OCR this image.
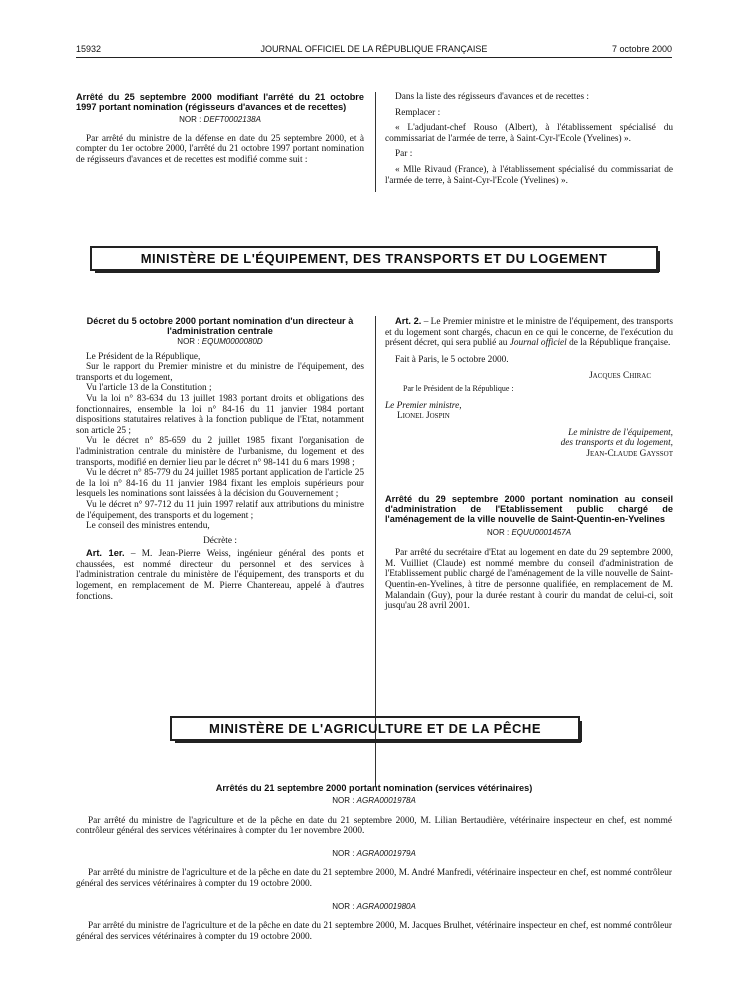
15932	JOURNAL OFFICIEL DE LA RÉPUBLIQUE FRANÇAISE	7 octobre 2000
Arrêté du 25 septembre 2000 modifiant l'arrêté du 21 octobre 1997 portant nomination (régisseurs d'avances et de recettes)
NOR : DEFT0002138A

Par arrêté du ministre de la défense en date du 25 septembre 2000, et à compter du 1er octobre 2000, l'arrêté du 21 octobre 1997 portant nomination de régisseurs d'avances et de recettes est modifié comme suit :

Dans la liste des régisseurs d'avances et de recettes :

Remplacer :

« L'adjudant-chef Rouso (Albert), à l'établissement spécialisé du commissariat de l'armée de terre, à Saint-Cyr-l'Ecole (Yvelines) ».

Par :

« Mlle Rivaud (France), à l'établissement spécialisé du commissariat de l'armée de terre, à Saint-Cyr-l'Ecole (Yvelines) ».

MINISTÈRE DE L'ÉQUIPEMENT, DES TRANSPORTS ET DU LOGEMENT
Décret du 5 octobre 2000 portant nomination d'un directeur à l'administration centrale
NOR : EQUM0000080D

Le Président de la République,

Sur le rapport du Premier ministre et du ministre de l'équipement, des transports et du logement,

Vu l'article 13 de la Constitution ;

Vu la loi n° 83-634 du 13 juillet 1983 portant droits et obligations des fonctionnaires, ensemble la loi n° 84-16 du 11 janvier 1984 portant dispositions statutaires relatives à la fonction publique de l'Etat, notamment son article 25 ;

Vu le décret n° 85-659 du 2 juillet 1985 fixant l'organisation de l'administration centrale du ministère de l'urbanisme, du logement et des transports, modifié en dernier lieu par le décret n° 98-141 du 6 mars 1998 ;

Vu le décret n° 85-779 du 24 juillet 1985 portant application de l'article 25 de la loi n° 84-16 du 11 janvier 1984 fixant les emplois supérieurs pour lesquels les nominations sont laissées à la décision du Gouvernement ;

Vu le décret n° 97-712 du 11 juin 1997 relatif aux attributions du ministre de l'équipement, des transports et du logement ;

Le conseil des ministres entendu,

Décrète :

Art. 1er. – M. Jean-Pierre Weiss, ingénieur général des ponts et chaussées, est nommé directeur du personnel et des services à l'administration centrale du ministère de l'équipement, des transports et du logement, en remplacement de M. Pierre Chantereau, appelé à d'autres fonctions.

Art. 2. – Le Premier ministre et le ministre de l'équipement, des transports et du logement sont chargés, chacun en ce qui le concerne, de l'exécution du présent décret, qui sera publié au Journal officiel de la République française.

Fait à Paris, le 5 octobre 2000.

Jacques Chirac

Par le Président de la République :

Le Premier ministre,

Lionel Jospin

Le ministre de l'équipement,

des transports et du logement,

Jean-Claude Gayssot

Arrêté du 29 septembre 2000 portant nomination au conseil d'administration de l'Etablissement public chargé de l'aménagement de la ville nouvelle de Saint-Quentin-en-Yvelines
NOR : EQUU0001457A

Par arrêté du secrétaire d'Etat au logement en date du 29 septembre 2000, M. Vuilliet (Claude) est nommé membre du conseil d'administration de l'Etablissement public chargé de l'aménagement de la ville nouvelle de Saint-Quentin-en-Yvelines, à titre de personne qualifiée, en remplacement de M. Malandain (Guy), pour la durée restant à courir du mandat de celui-ci, soit jusqu'au 28 avril 2001.

MINISTÈRE DE L'AGRICULTURE ET DE LA PÊCHE
Arrêtés du 21 septembre 2000 portant nomination (services vétérinaires)
NOR : AGRA0001978A

Par arrêté du ministre de l'agriculture et de la pêche en date du 21 septembre 2000, M. Lilian Bertaudière, vétérinaire inspecteur en chef, est nommé contrôleur général des services vétérinaires à compter du 1er novembre 2000.

NOR : AGRA0001979A

Par arrêté du ministre de l'agriculture et de la pêche en date du 21 septembre 2000, M. André Manfredi, vétérinaire inspecteur en chef, est nommé contrôleur général des services vétérinaires à compter du 19 octobre 2000.

NOR : AGRA0001980A

Par arrêté du ministre de l'agriculture et de la pêche en date du 21 septembre 2000, M. Jacques Brulhet, vétérinaire inspecteur en chef, est nommé contrôleur général des services vétérinaires à compter du 19 octobre 2000.
